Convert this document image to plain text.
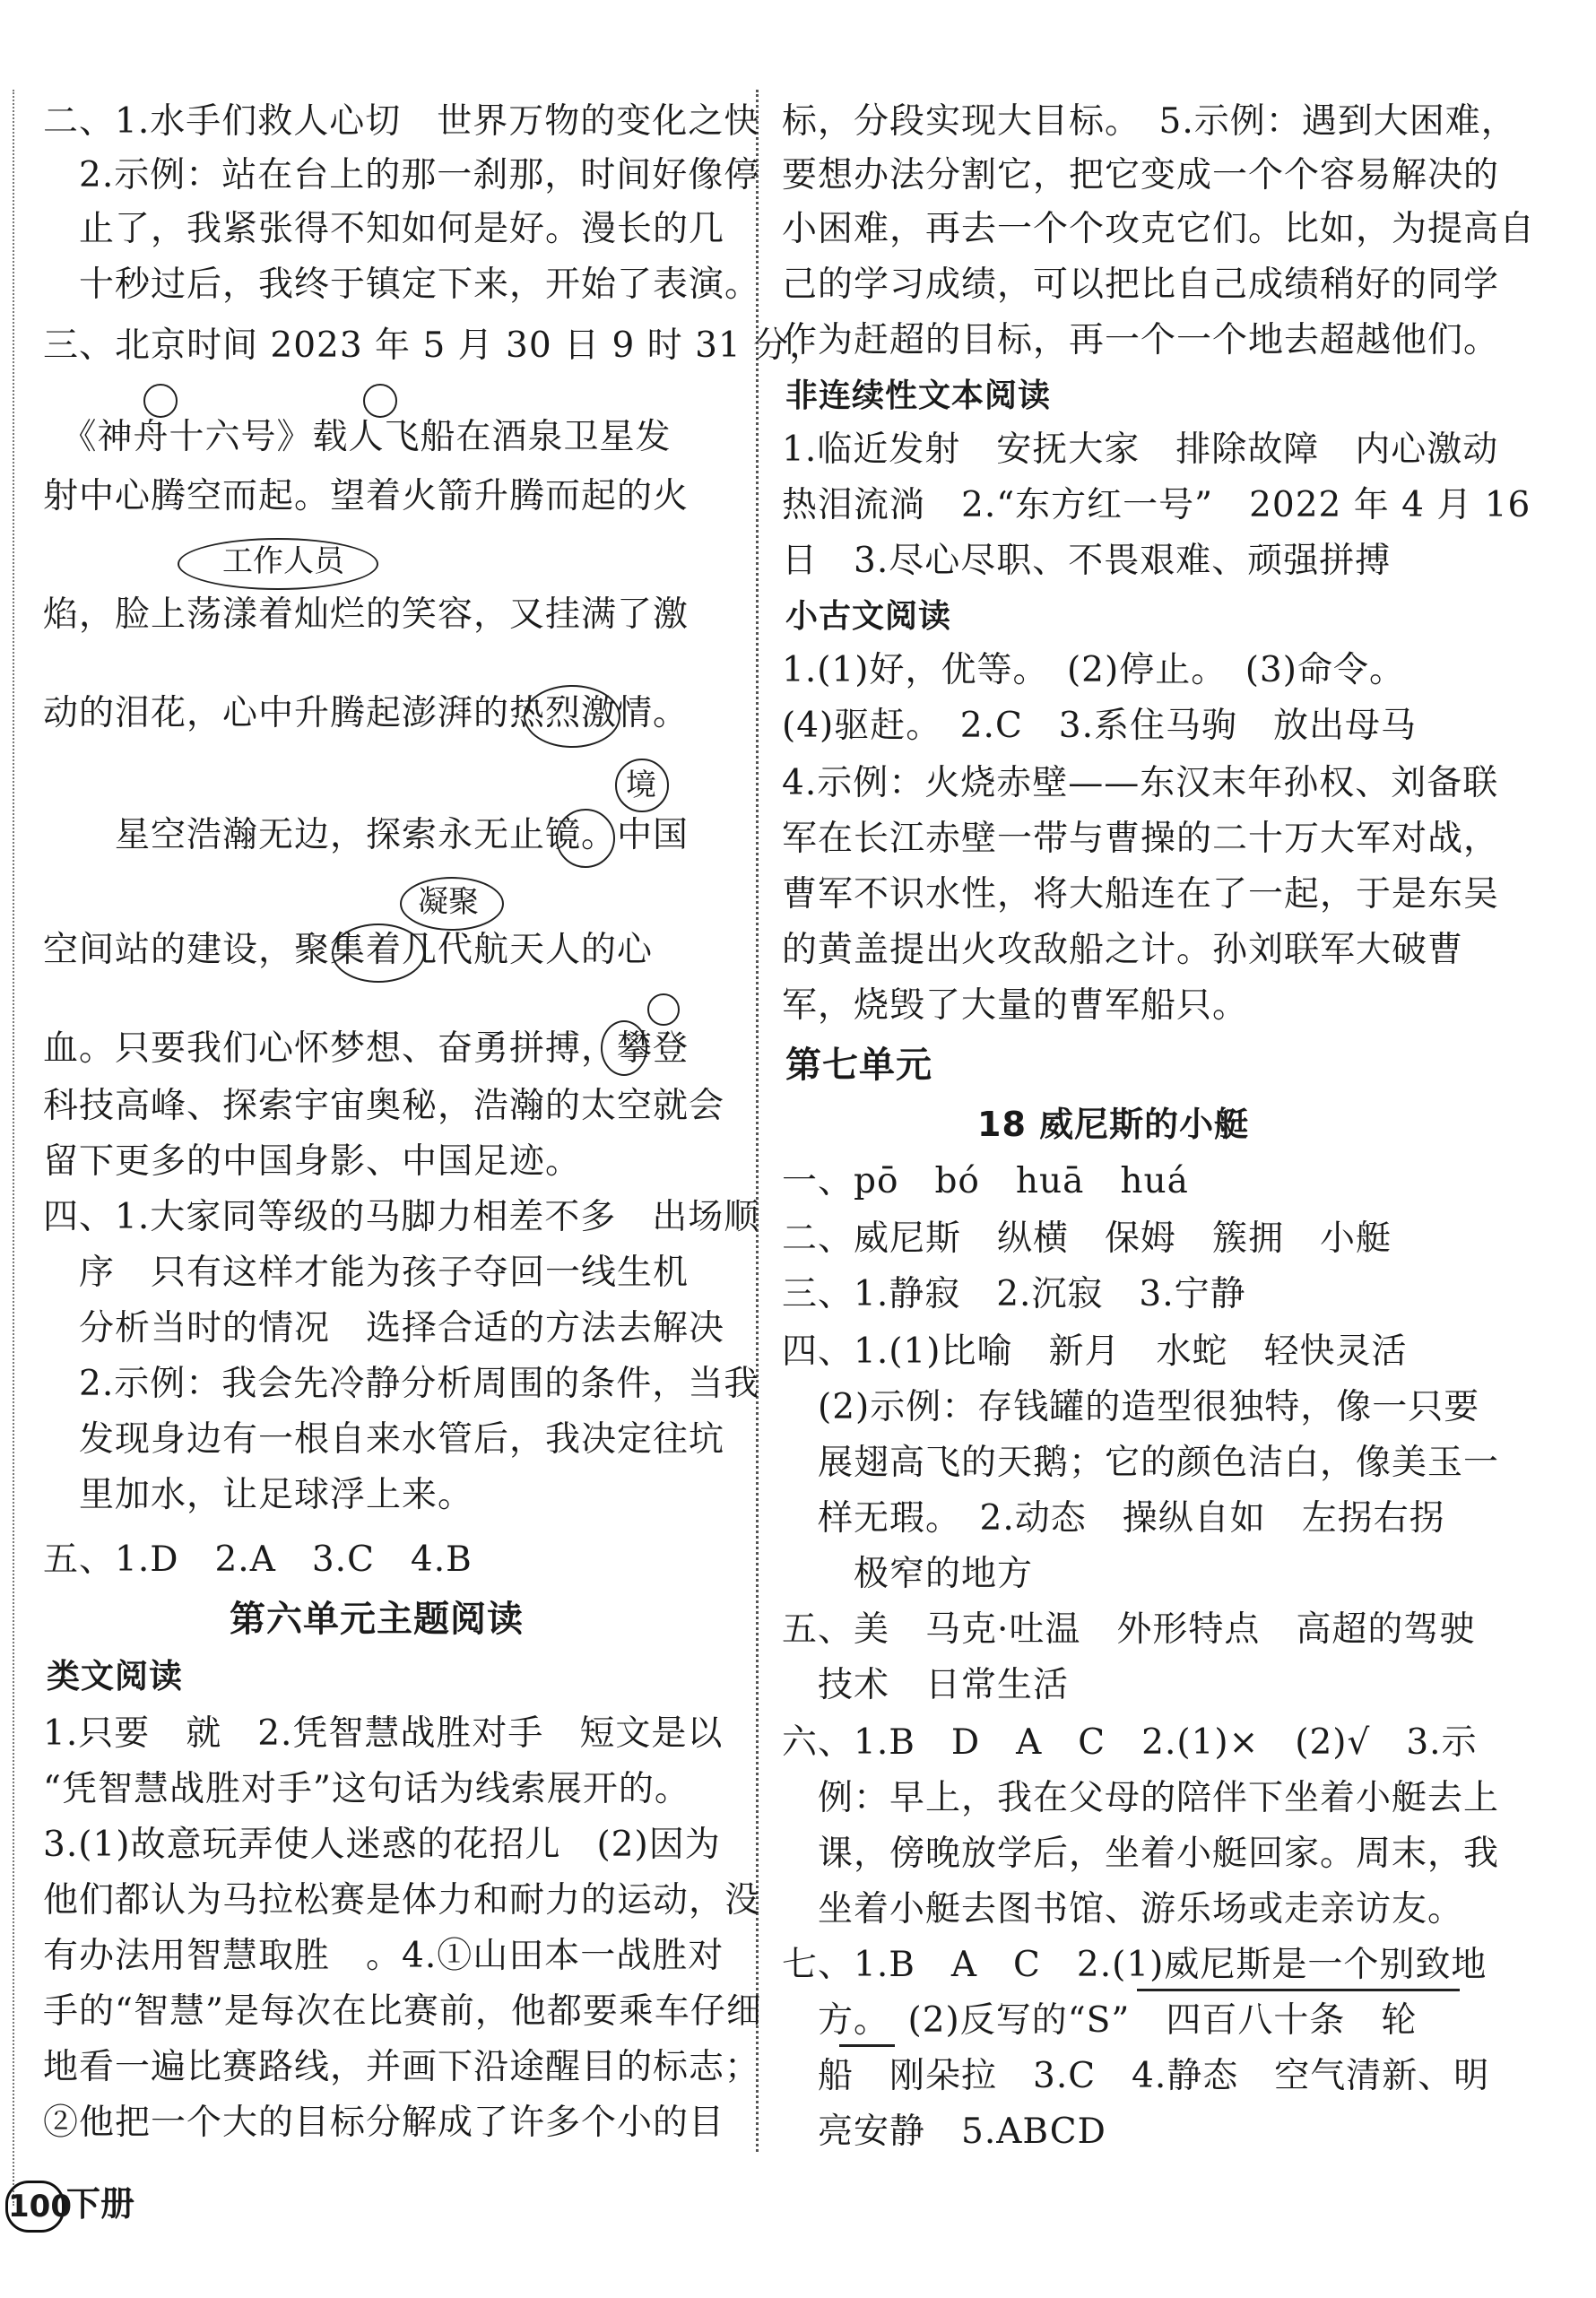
二、1.水手们救人心切　世界万物的变化之快
　2.示例：站在台上的那一刹那，时间好像停
　止了，我紧张得不知如何是好。漫长的几
　十秒过后，我终于镇定下来，开始了表演。
三、北京时间 2023 年 5 月 30 日 9 时 31 分，
　《神舟十六号》载人飞船在酒泉卫星发
射中心腾空而起。望着火箭升腾而起的火
工作人员
焰，脸上荡漾着灿烂的笑容，又挂满了激
动的泪花，心中升腾起澎湃的热烈激情。
境
　　星空浩瀚无边，探索永无止镜。中国
凝聚
空间站的建设，聚集着几代航天人的心
血。只要我们心怀梦想、奋勇拼搏，攀登
科技高峰、探索宇宙奥秘，浩瀚的太空就会
留下更多的中国身影、中国足迹。
四、1.大家同等级的马脚力相差不多　出场顺
　序　只有这样才能为孩子夺回一线生机
　分析当时的情况　选择合适的方法去解决
　2.示例：我会先冷静分析周围的条件，当我
　发现身边有一根自来水管后，我决定往坑
　里加水，让足球浮上来。
五、1.D　2.A　3.C　4.B
第六单元主题阅读
类文阅读
1.只要　就　2.凭智慧战胜对手　短文是以
“凭智慧战胜对手”这句话为线索展开的。
3.(1)故意玩弄使人迷惑的花招儿　(2)因为
他们都认为马拉松赛是体力和耐力的运动，没
有办法用智慧取胜　。4.①山田本一战胜对
手的“智慧”是每次在比赛前，他都要乘车仔细
地看一遍比赛路线，并画下沿途醒目的标志；
②他把一个大的目标分解成了许多个小的目
标，分段实现大目标。　5.示例：遇到大困难，
要想办法分割它，把它变成一个个容易解决的
小困难，再去一个个攻克它们。比如，为提高自
己的学习成绩，可以把比自己成绩稍好的同学
作为赶超的目标，再一个一个地去超越他们。
非连续性文本阅读
1.临近发射　安抚大家　排除故障　内心激动
热泪流淌　2.“东方红一号”　2022 年 4 月 16
日　3.尽心尽职、不畏艰难、顽强拼搏
小古文阅读
1.(1)好，优等。　(2)停止。　(3)命令。
(4)驱赶。　2.C　3.系住马驹　放出母马
4.示例：火烧赤壁——东汉末年孙权、刘备联
军在长江赤壁一带与曹操的二十万大军对战，
曹军不识水性，将大船连在了一起，于是东吴
的黄盖提出火攻敌船之计。孙刘联军大破曹
军，烧毁了大量的曹军船只。
第七单元
18 威尼斯的小艇
一、pō　bó　huā　huá
二、威尼斯　纵横　保姆　簇拥　小艇
三、1.静寂　2.沉寂　3.宁静
四、1.(1)比喻　新月　水蛇　轻快灵活
　(2)示例：存钱罐的造型很独特，像一只要
　展翅高飞的天鹅；它的颜色洁白，像美玉一
　样无瑕。　2.动态　操纵自如　左拐右拐
　　极窄的地方
五、美　马克·吐温　外形特点　高超的驾驶
　技术　日常生活
六、1.B　D　A　C　2.(1)×　(2)√　3.示
　例：早上，我在父母的陪伴下坐着小艇去上
　课，傍晚放学后，坐着小艇回家。周末，我
　坐着小艇去图书馆、游乐场或走亲访友。
七、1.B　A　C　2.(1)威尼斯是一个别致地
　方。　(2)反写的“S”　四百八十条　轮
　船　刚朵拉　3.C　4.静态　空气清新、明
　亮安静　5.ABCD
100
下册
